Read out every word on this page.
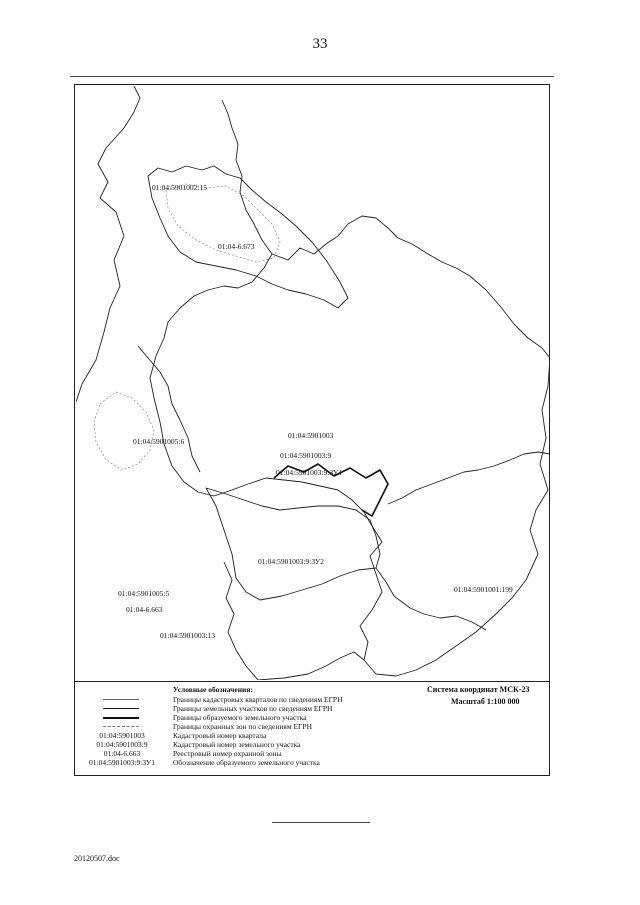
33
01:04:5901002:15
01:04-6.673
01:04:5901003
01:04:5901003:9
01:04:5901003:9:ЗУ1
01:04:5901005:6
01:04:5901003:9:ЗУ2
01:04:5901005:5
01:04-6.663
01:04:5901003:13
01:04:5901001:199
Условные обозначения:	Система координат МСК-23
Масштаб 1:100 000
Границы кадастровых кварталов по сведениям ЕГРН
Границы земельных участков по сведениям ЕГРН
Границы образуемого земельного участка
Границы охранных зон по сведениям ЕГРН
01:04:5901003	Кадастровый номер квартала
01:04:5901003:9	Кадастровый номер земельного участка
01:04-6.663	Реестровый номер охранной зоны
01:04:5901003:9:ЗУ1	Обозначение образуемого земельного участка
20120507.doc
